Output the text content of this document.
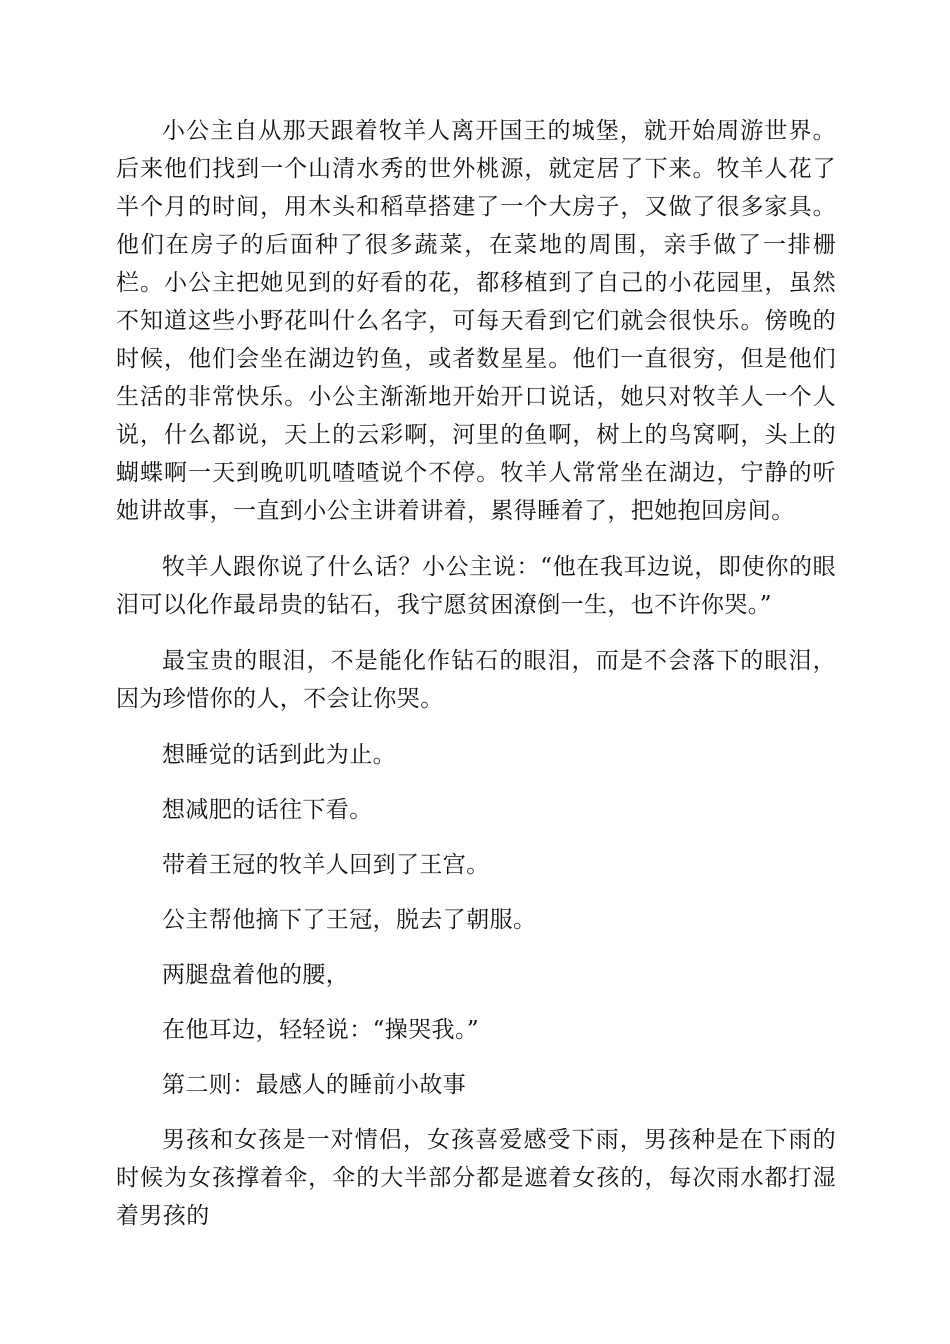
小公主自从那天跟着牧羊人离开国王的城堡，就开始周游世界。后来他们找到一个山清水秀的世外桃源，就定居了下来。牧羊人花了半个月的时间，用木头和稻草搭建了一个大房子，又做了很多家具。他们在房子的后面种了很多蔬菜，在菜地的周围，亲手做了一排栅栏。小公主把她见到的好看的花，都移植到了自己的小花园里，虽然不知道这些小野花叫什么名字，可每天看到它们就会很快乐。傍晚的时候，他们会坐在湖边钓鱼，或者数星星。他们一直很穷，但是他们生活的非常快乐。小公主渐渐地开始开口说话，她只对牧羊人一个人说，什么都说，天上的云彩啊，河里的鱼啊，树上的鸟窝啊，头上的蝴蝶啊一天到晚叽叽喳喳说个不停。牧羊人常常坐在湖边，宁静的听她讲故事，一直到小公主讲着讲着，累得睡着了，把她抱回房间。

牧羊人跟你说了什么话？小公主说：“他在我耳边说，即使你的眼泪可以化作最昂贵的钻石，我宁愿贫困潦倒一生，也不许你哭。”

最宝贵的眼泪，不是能化作钻石的眼泪，而是不会落下的眼泪，因为珍惜你的人，不会让你哭。

想睡觉的话到此为止。

想减肥的话往下看。

带着王冠的牧羊人回到了王宫。

公主帮他摘下了王冠，脱去了朝服。

两腿盘着他的腰，

在他耳边，轻轻说：“操哭我。”

第二则：最感人的睡前小故事

男孩和女孩是一对情侣，女孩喜爱感受下雨，男孩种是在下雨的时候为女孩撑着伞，伞的大半部分都是遮着女孩的，每次雨水都打湿着男孩的
